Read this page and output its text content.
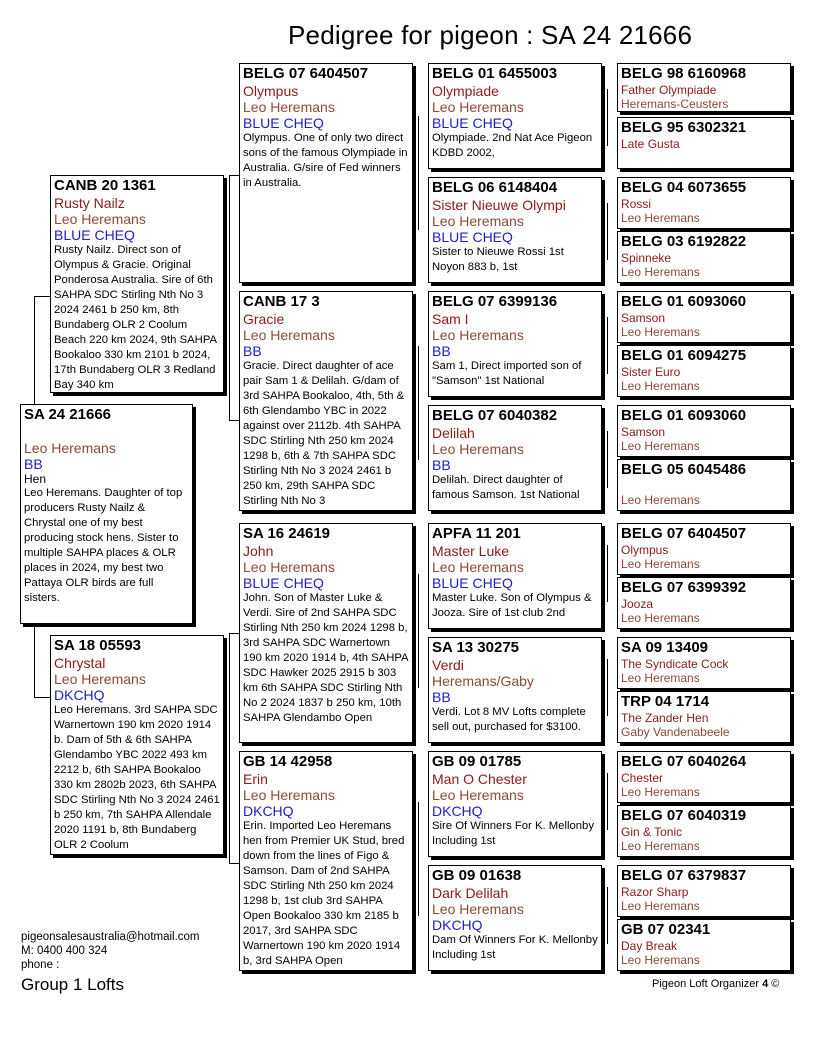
Pedigree for pigeon : SA 24 21666
SA 24 21666
Leo Heremans
BB
Hen
Leo Heremans. Daughter of top producers Rusty Nailz & Chrystal one of my best producing stock hens. Sister to multiple SAHPA places & OLR places in 2024, my best two Pattaya OLR birds are full sisters.
CANB 20 1361
Rusty Nailz
Leo Heremans
BLUE CHEQ
Rusty Nailz. Direct son of Olympus & Gracie. Original Ponderosa Australia. Sire of 6th SAHPA SDC Stirling Nth No 3 2024 2461 b 250 km, 8th Bundaberg OLR 2 Coolum Beach 220 km 2024, 9th SAHPA Bookaloo 330 km 2101 b 2024, 17th Bundaberg OLR 3 Redland Bay 340 km
SA 18 05593
Chrystal
Leo Heremans
DKCHQ
Leo Heremans. 3rd SAHPA SDC Warnertown 190 km 2020 1914 b. Dam of 5th & 6th SAHPA Glendambo YBC 2022 493 km 2212 b, 6th SAHPA Bookaloo 330 km 2802b 2023, 6th SAHPA SDC Stirling Nth No 3 2024 2461 b 250 km, 7th SAHPA Allendale 2020 1191 b, 8th Bundaberg OLR 2 Coolum
BELG 07 6404507
Olympus
Leo Heremans
BLUE CHEQ
Olympus. One of only two direct sons of the famous Olympiade in Australia. G/sire of Fed winners in Australia.
CANB 17 3
Gracie
Leo Heremans
BB
Gracie. Direct daughter of ace pair Sam 1 & Delilah. G/dam of 3rd SAHPA Bookaloo, 4th, 5th & 6th Glendambo YBC in 2022 against over 2112b. 4th SAHPA SDC Stirling Nth 250 km 2024 1298 b, 6th & 7th SAHPA SDC Stirling Nth No 3 2024 2461 b 250 km, 29th SAHPA SDC Stirling Nth No 3
SA 16 24619
John
Leo Heremans
BLUE CHEQ
John. Son of Master Luke & Verdi. Sire of 2nd SAHPA SDC Stirling Nth 250 km 2024 1298 b, 3rd SAHPA SDC Warnertown 190 km 2020 1914 b, 4th SAHPA SDC Hawker 2025 2915 b 303 km 6th SAHPA SDC Stirling Nth No 2 2024 1837 b 250 km, 10th SAHPA Glendambo Open
GB 14 42958
Erin
Leo Heremans
DKCHQ
Erin. Imported Leo Heremans hen from Premier UK Stud, bred down from the lines of Figo & Samson. Dam of 2nd SAHPA SDC Stirling Nth 250 km 2024 1298 b, 1st club 3rd SAHPA Open Bookaloo 330 km 2185 b 2017, 3rd SAHPA SDC Warnertown 190 km 2020 1914 b, 3rd SAHPA Open
BELG 01 6455003
Olympiade
Leo Heremans
BLUE CHEQ
Olympiade. 2nd Nat Ace Pigeon KDBD 2002,
BELG 06 6148404
Sister Nieuwe Olympi
Leo Heremans
BLUE CHEQ
Sister to Nieuwe Rossi 1st Noyon 883 b, 1st
BELG 07 6399136
Sam I
Leo Heremans
BB
Sam 1, Direct imported son of "Samson" 1st National
BELG 07 6040382
Delilah
Leo Heremans
BB
Delilah. Direct daughter of famous Samson. 1st National
APFA 11 201
Master Luke
Leo Heremans
BLUE CHEQ
Master Luke. Son of Olympus & Jooza. Sire of 1st club 2nd
SA 13 30275
Verdi
Heremans/Gaby
BB
Verdi. Lot 8 MV Lofts complete sell out, purchased for $3100.
GB 09 01785
Man O Chester
Leo Heremans
DKCHQ
Sire Of Winners For K. Mellonby Including 1st
GB 09 01638
Dark Delilah
Leo Heremans
DKCHQ
Dam Of Winners For K. Mellonby Including 1st
BELG 98 6160968
Father Olympiade
Heremans-Ceusters
BELG 95 6302321
Late Gusta
BELG 04 6073655
Rossi
Leo Heremans
BELG 03 6192822
Spinneke
Leo Heremans
BELG 01 6093060
Samson
Leo Heremans
BELG 01 6094275
Sister Euro
Leo Heremans
BELG 01 6093060
Samson
Leo Heremans
BELG 05 6045486
Leo Heremans
BELG 07 6404507
Olympus
Leo Heremans
BELG 07 6399392
Jooza
Leo Heremans
SA 09 13409
The Syndicate Cock
Leo Heremans
TRP 04 1714
The Zander Hen
Gaby Vandenabeele
BELG 07 6040264
Chester
Leo Heremans
BELG 07 6040319
Gin & Tonic
Leo Heremans
BELG 07 6379837
Razor Sharp
Leo Heremans
GB 07 02341
Day Break
Leo Heremans
pigeonsalesaustralia@hotmail.com
M: 0400 400 324
phone :
Group 1 Lofts	Pigeon Loft Organizer 4 ©
